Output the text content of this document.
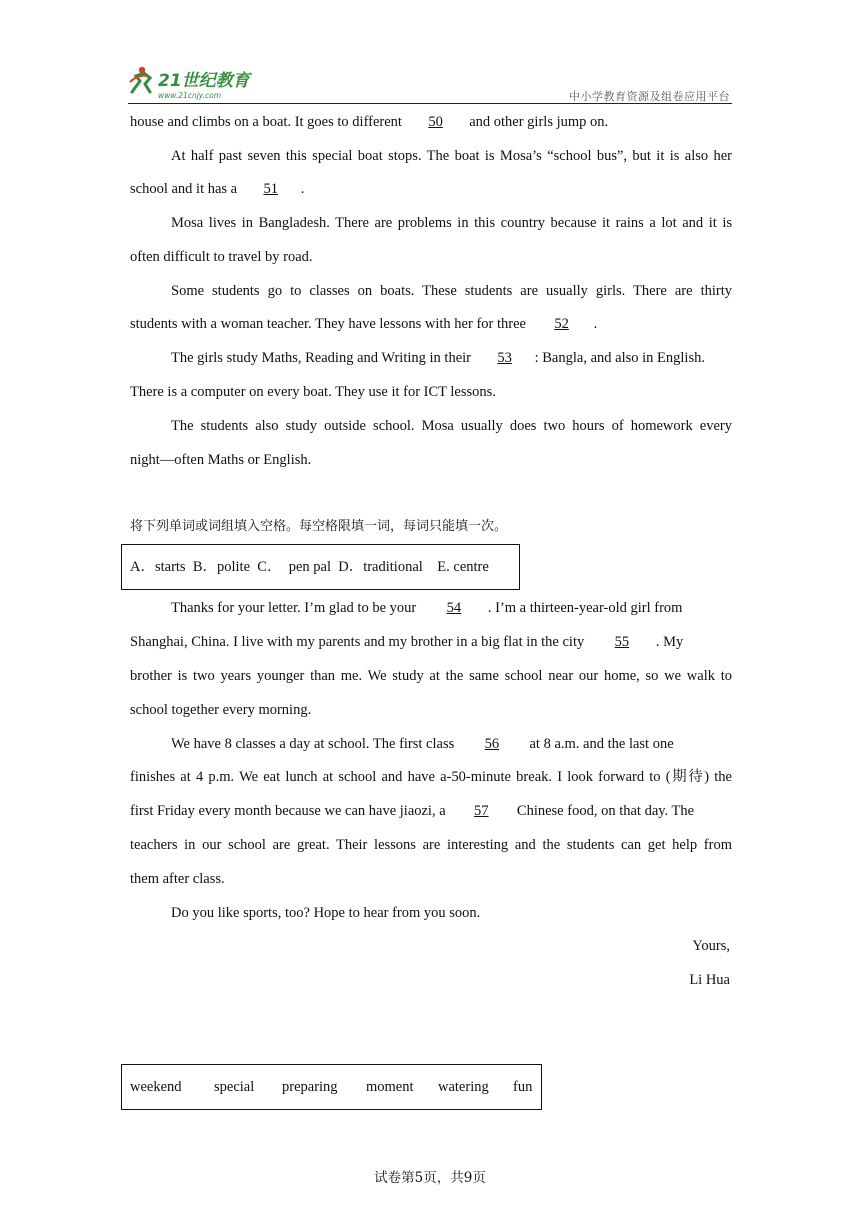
21世纪教育
www.21cnjy.com	中小学教育资源及组卷应用平台
house and climbs on a boat. It goes to different 50 and other girls jump on.
At half past seven this special boat stops. The boat is Mosa’s “school bus”, but it is also her
school and it has a 51 .
Mosa lives in Bangladesh. There are problems in this country because it rains a lot and it is
often difficult to travel by road.
Some students go to classes on boats. These students are usually girls. There are thirty
students with a woman teacher. They have lessons with her for three 52 .
The girls study Maths, Reading and Writing in their 53 : Bangla, and also in English.
There is a computer on every boat. They use it for ICT lessons.
The students also study outside school. Mosa usually does two hours of homework every
night—often Maths or English.
将下列单词或词组填入空格。每空格限填一词，每词只能填一次。
A．starts  B．polite  C．  pen pal  D．traditional    E. centre
Thanks for your letter. I’m glad to be your 54 . I’m a thirteen-year-old girl from
Shanghai, China. I live with my parents and my brother in a big flat in the city 55 . My
brother is two years younger than me. We study at the same school near our home, so we walk to
school together every morning.
We have 8 classes a day at school. The first class 56 at 8 a.m. and the last one
finishes at 4 p.m. We eat lunch at school and have a-50-minute break. I look forward to (期待) the
first Friday every month because we can have jiaozi, a 57 Chinese food, on that day. The
teachers in our school are great. Their lessons are interesting and the students can get help from
them after class.
Do you like sports, too? Hope to hear from you soon.
Yours,
Li Hua
weekend special preparing moment watering fun
试卷第5页，共9页
